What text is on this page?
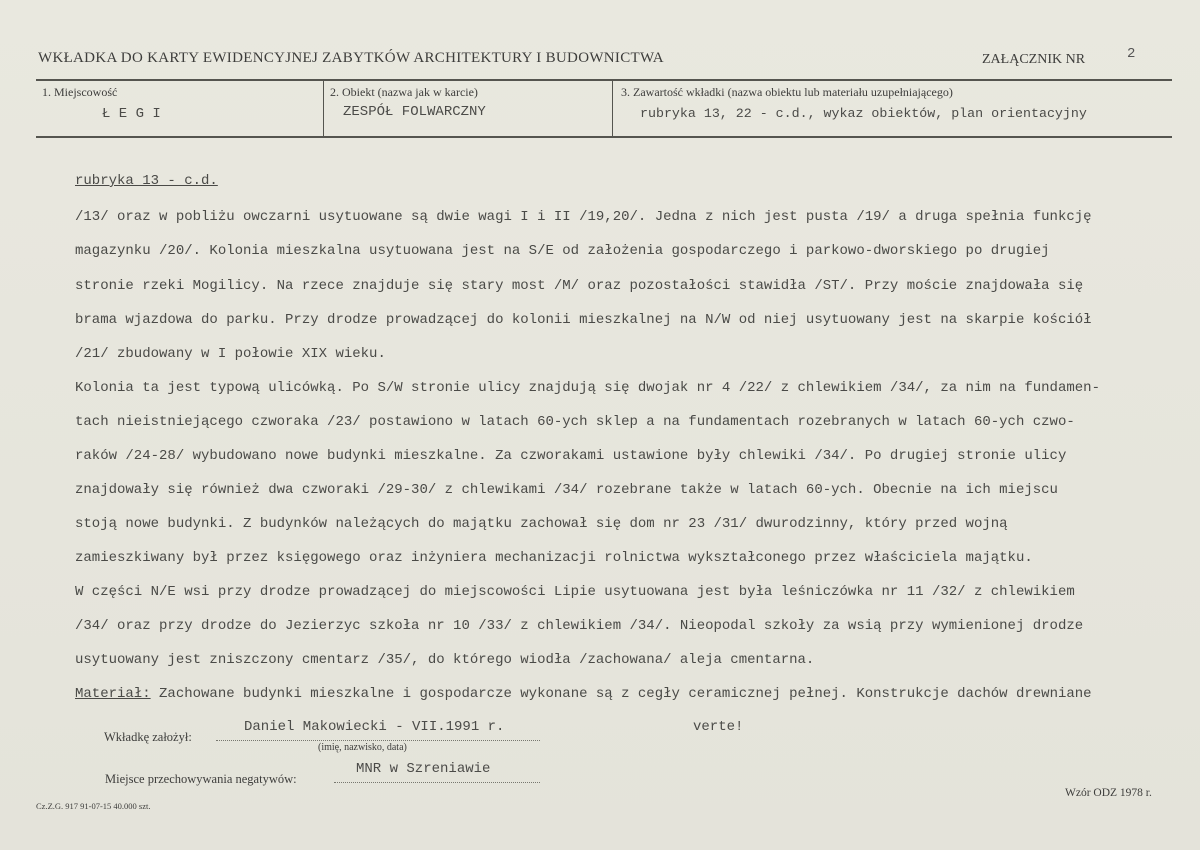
WKŁADKA DO KARTY EWIDENCYJNEJ ZABYTKÓW ARCHITEKTURY I BUDOWNICTWA	ZAŁĄCZNIK NR	2
1. Miejscowość
Ł E G I
2. Obiekt (nazwa jak w karcie)
ZESPÓŁ FOLWARCZNY
3. Zawartość wkładki (nazwa obiektu lub materiału uzupełniającego)
rubryka 13, 22 - c.d., wykaz obiektów, plan orientacyjny
rubryka 13 - c.d.
/13/ oraz w pobliżu owczarni usytuowane są dwie wagi I i II /19,20/. Jedna z nich jest pusta /19/ a druga spełnia funkcję
magazynku /20/. Kolonia mieszkalna usytuowana jest na S/E od założenia gospodarczego i parkowo-dworskiego po drugiej
stronie rzeki Mogilicy. Na rzece znajduje się stary most /M/ oraz pozostałości stawidła /ST/. Przy moście znajdowała się
brama wjazdowa do parku. Przy drodze prowadzącej do kolonii mieszkalnej na N/W od niej usytuowany jest na skarpie kościół
/21/ zbudowany w I połowie XIX wieku.
Kolonia ta jest typową ulicówką. Po S/W stronie ulicy znajdują się dwojak nr 4 /22/ z chlewikiem /34/, za nim na fundamen-
tach nieistniejącego czworaka /23/ postawiono w latach 60-ych sklep a na fundamentach rozebranych w latach 60-ych czwo-
raków /24-28/ wybudowano nowe budynki mieszkalne. Za czworakami ustawione były chlewiki /34/. Po drugiej stronie ulicy
znajdowały się również dwa czworaki /29-30/ z chlewikami /34/ rozebrane także w latach 60-ych. Obecnie na ich miejscu
stoją nowe budynki. Z budynków należących do majątku zachował się dom nr 23 /31/ dwurodzinny, który przed wojną
zamieszkiwany był przez księgowego oraz inżyniera mechanizacji rolnictwa wykształconego przez właściciela majątku.
W części N/E wsi przy drodze prowadzącej do miejscowości Lipie usytuowana jest była leśniczówka nr 11 /32/ z chlewikiem
/34/ oraz przy drodze do Jezierzyc szkoła nr 10 /33/ z chlewikiem /34/. Nieopodal szkoły za wsią przy wymienionej drodze
usytuowany jest zniszczony cmentarz /35/, do którego wiodła /zachowana/ aleja cmentarna.
Materiał: Zachowane budynki mieszkalne i gospodarcze wykonane są z cegły ceramicznej pełnej. Konstrukcje dachów drewniane
verte!
Wkładkę założył:
Daniel Makowiecki - VII.1991 r.
(imię, nazwisko, data)
Miejsce przechowywania negatywów:
MNR w Szreniawie
Cz.Z.G. 917 91-07-15 40.000 szt.
Wzór ODZ 1978 r.
